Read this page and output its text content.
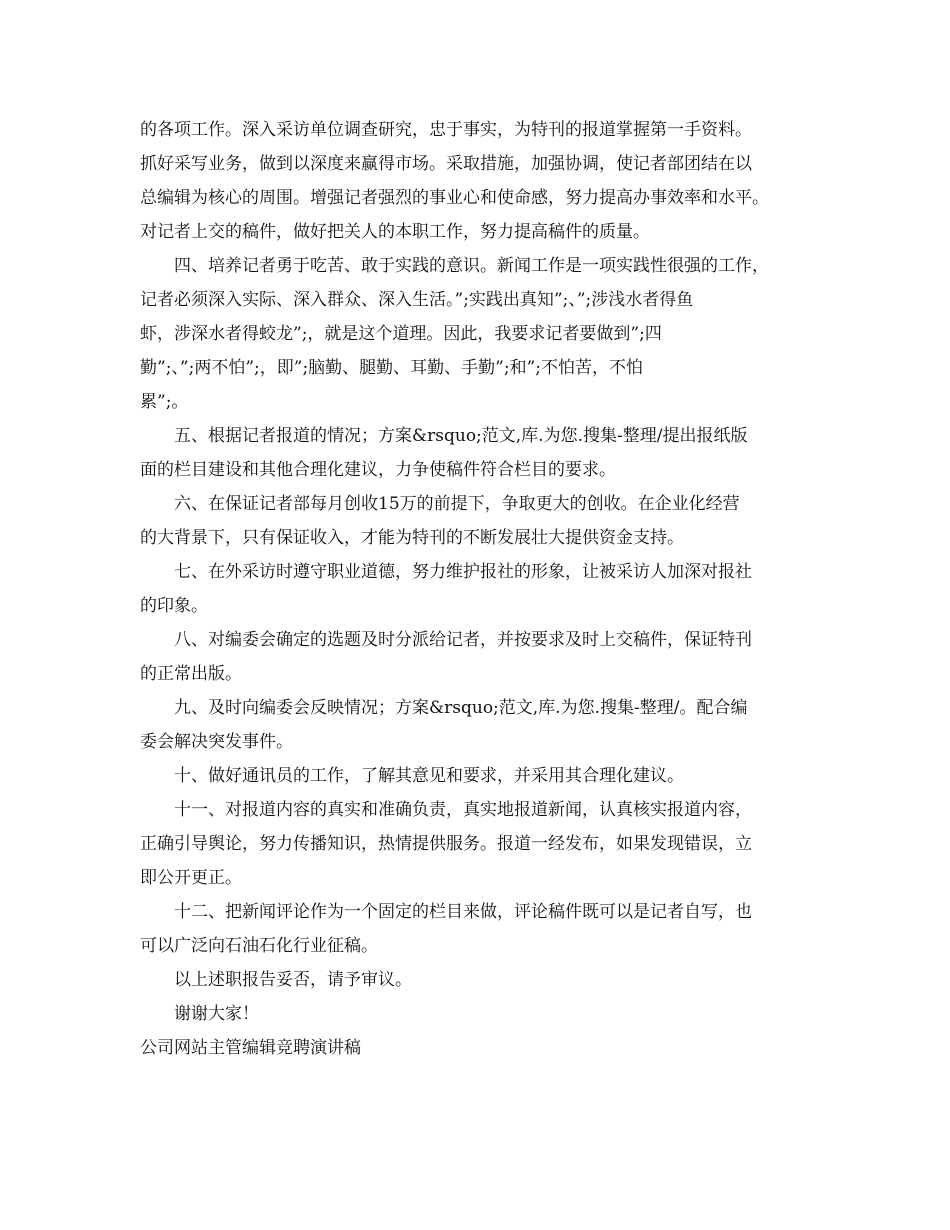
的各项工作。深入采访单位调查研究，忠于事实，为特刊的报道掌握第一手资料。
抓好采写业务，做到以深度来赢得市场。采取措施，加强协调，使记者部团结在以
总编辑为核心的周围。增强记者强烈的事业心和使命感，努力提高办事效率和水平。
对记者上交的稿件，做好把关人的本职工作，努力提高稿件的质量。
四、培养记者勇于吃苦、敢于实践的意识。新闻工作是一项实践性很强的工作，
记者必须深入实际、深入群众、深入生活。”;实践出真知”;、”;涉浅水者得鱼
虾，涉深水者得蛟龙”;，就是这个道理。因此，我要求记者要做到”;四
勤”;、”;两不怕”;，即”;脑勤、腿勤、耳勤、手勤”;和”;不怕苦，不怕
累”;。
五、根据记者报道的情况；方案&rsquo;范文,库.为您.搜集-整理/提出报纸版
面的栏目建设和其他合理化建议，力争使稿件符合栏目的要求。
六、在保证记者部每月创收15万的前提下，争取更大的创收。在企业化经营
的大背景下，只有保证收入，才能为特刊的不断发展壮大提供资金支持。
七、在外采访时遵守职业道德，努力维护报社的形象，让被采访人加深对报社
的印象。
八、对编委会确定的选题及时分派给记者，并按要求及时上交稿件，保证特刊
的正常出版。
九、及时向编委会反映情况；方案&rsquo;范文,库.为您.搜集-整理/。配合编
委会解决突发事件。
十、做好通讯员的工作，了解其意见和要求，并采用其合理化建议。
十一、对报道内容的真实和准确负责，真实地报道新闻，认真核实报道内容，
正确引导舆论，努力传播知识，热情提供服务。报道一经发布，如果发现错误，立
即公开更正。
十二、把新闻评论作为一个固定的栏目来做，评论稿件既可以是记者自写，也
可以广泛向石油石化行业征稿。
以上述职报告妥否，请予审议。
谢谢大家！
公司网站主管编辑竞聘演讲稿
